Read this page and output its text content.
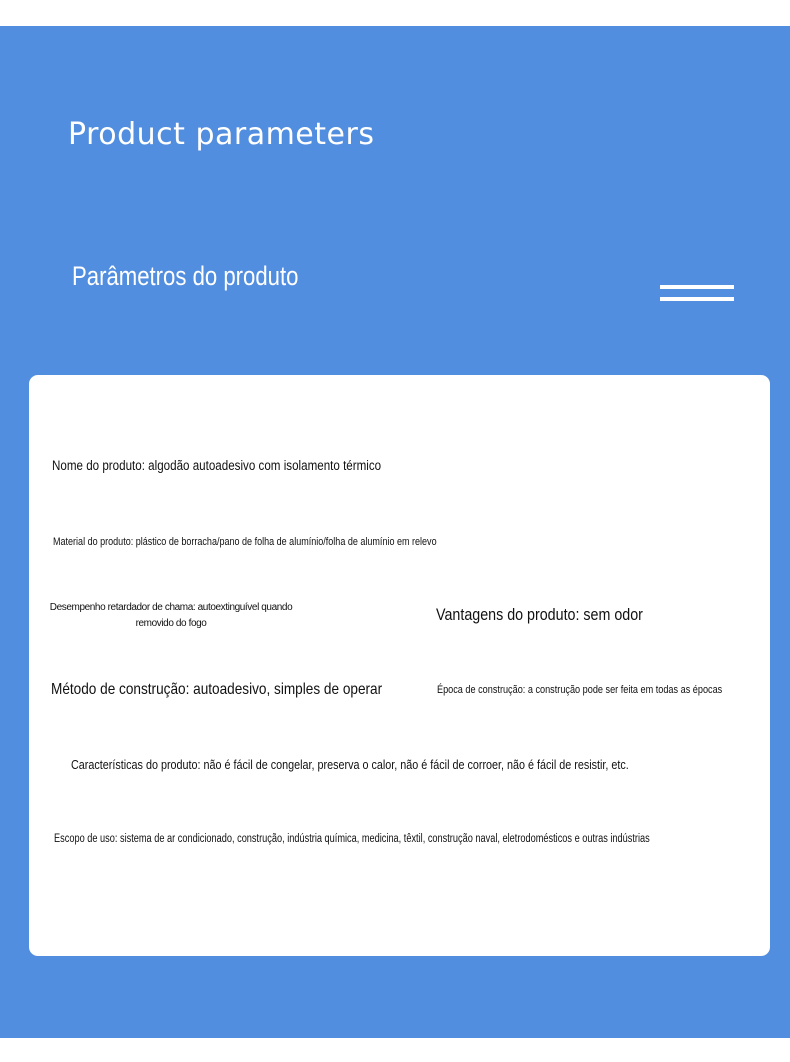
Product parameters
Parâmetros do produto
Nome do produto: algodão autoadesivo com isolamento térmico
Material do produto: plástico de borracha/pano de folha de alumínio/folha de alumínio em relevo
Desempenho retardador de chama: autoextinguível quando removido do fogo	Vantagens do produto: sem odor
Método de construção: autoadesivo, simples de operar	Época de construção: a construção pode ser feita em todas as épocas
Características do produto: não é fácil de congelar, preserva o calor, não é fácil de corroer, não é fácil de resistir, etc.
Escopo de uso: sistema de ar condicionado, construção, indústria química, medicina, têxtil, construção naval, eletrodomésticos e outras indústrias
